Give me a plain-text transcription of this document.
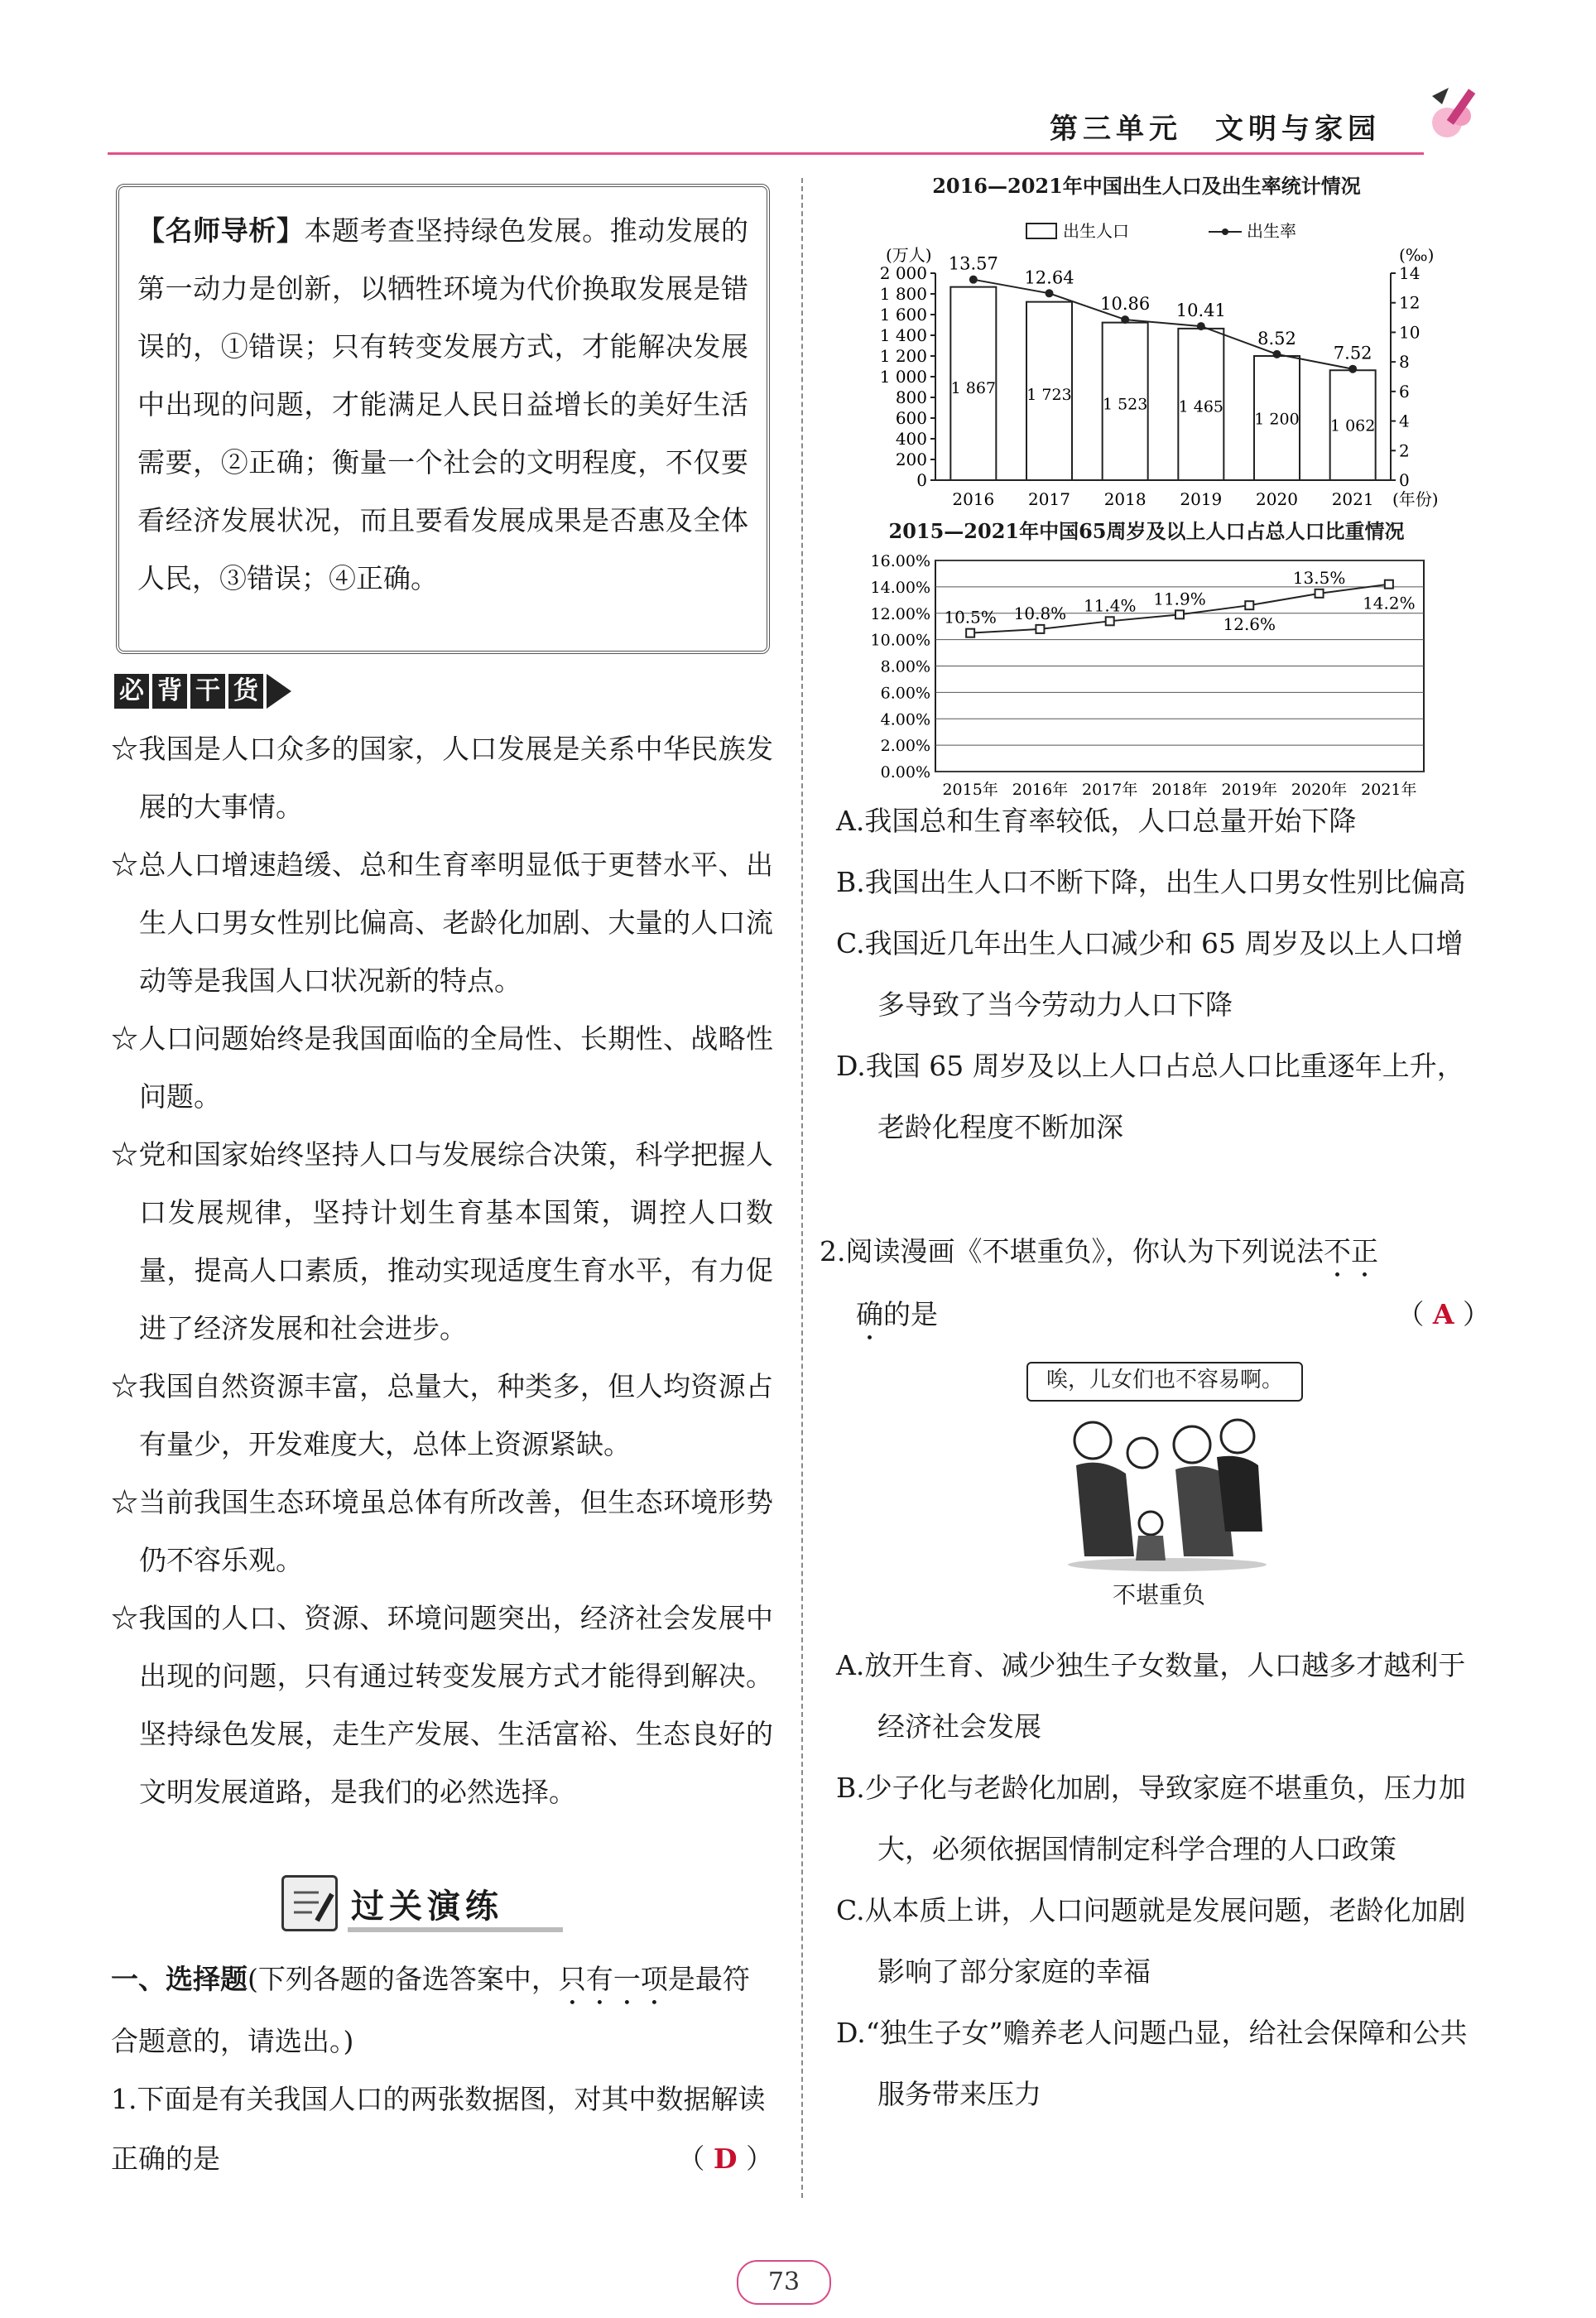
第三单元　文明与家园
【名师导析】本题考查坚持绿色发展。推动发展的第一动力是创新，以牺牲环境为代价换取发展是错误的，①错误；只有转变发展方式，才能解决发展中出现的问题，才能满足人民日益增长的美好生活需要，②正确；衡量一个社会的文明程度，不仅要看经济发展状况，而且要看发展成果是否惠及全体人民，③错误；④正确。
必 背 干 货

☆我国是人口众多的国家，人口发展是关系中华民族发展的大事情。

☆总人口增速趋缓、总和生育率明显低于更替水平、出生人口男女性别比偏高、老龄化加剧、大量的人口流动等是我国人口状况新的特点。

☆人口问题始终是我国面临的全局性、长期性、战略性问题。

☆党和国家始终坚持人口与发展综合决策，科学把握人口发展规律，坚持计划生育基本国策，调控人口数量，提高人口素质，推动实现适度生育水平，有力促进了经济发展和社会进步。

☆我国自然资源丰富，总量大，种类多，但人均资源占有量少，开发难度大，总体上资源紧缺。

☆当前我国生态环境虽总体有所改善，但生态环境形势仍不容乐观。

☆我国的人口、资源、环境问题突出，经济社会发展中出现的问题，只有通过转变发展方式才能得到解决。坚持绿色发展，走生产发展、生活富裕、生态良好的文明发展道路，是我们的必然选择。

过关演练
一、选择题(下列各题的备选答案中，只有一项是最符合题意的，请选出。)
1.下面是有关我国人口的两张数据图，对其中数据解读正确的是	（ D ）
2016—2021年中国出生人口及出生率统计情况
出生人口	出生率
(万人)	(‰)
0
200
400
600
800
1 000
1 200
1 400
1 600
1 800
2 000
0
2
4
6
8
10
12
14
1 867
2016
1 723
2017
1 523
2018
1 465
2019
1 200
2020
1 062
2021
13.57
12.64
10.86 10.41
8.52
7.52
(年份)
2015—2021年中国65周岁及以上人口占总人口比重情况
0.00%
2.00%
4.00%
6.00%
8.00%
10.00%
12.00%
14.00%
16.00%
2015年 2016年 2017年 2018年 2019年 2020年 2021年
10.5% 10.8% 11.4% 11.9%
12.6%
13.5%
14.2%

A.我国总和生育率较低，人口总量开始下降

B.我国出生人口不断下降，出生人口男女性别比偏高

C.我国近几年出生人口减少和 65 周岁及以上人口增多导致了当今劳动力人口下降

D.我国 65 周岁及以上人口占总人口比重逐年上升，老龄化程度不断加深

2.阅读漫画《不堪重负》，你认为下列说法不正
确的是	（ A ）
唉，儿女们也不容易啊。
不堪重负

A.放开生育、减少独生子女数量，人口越多才越利于经济社会发展

B.少子化与老龄化加剧，导致家庭不堪重负，压力加大，必须依据国情制定科学合理的人口政策

C.从本质上讲，人口问题就是发展问题，老龄化加剧影响了部分家庭的幸福

D.“独生子女”赡养老人问题凸显，给社会保障和公共服务带来压力

73
